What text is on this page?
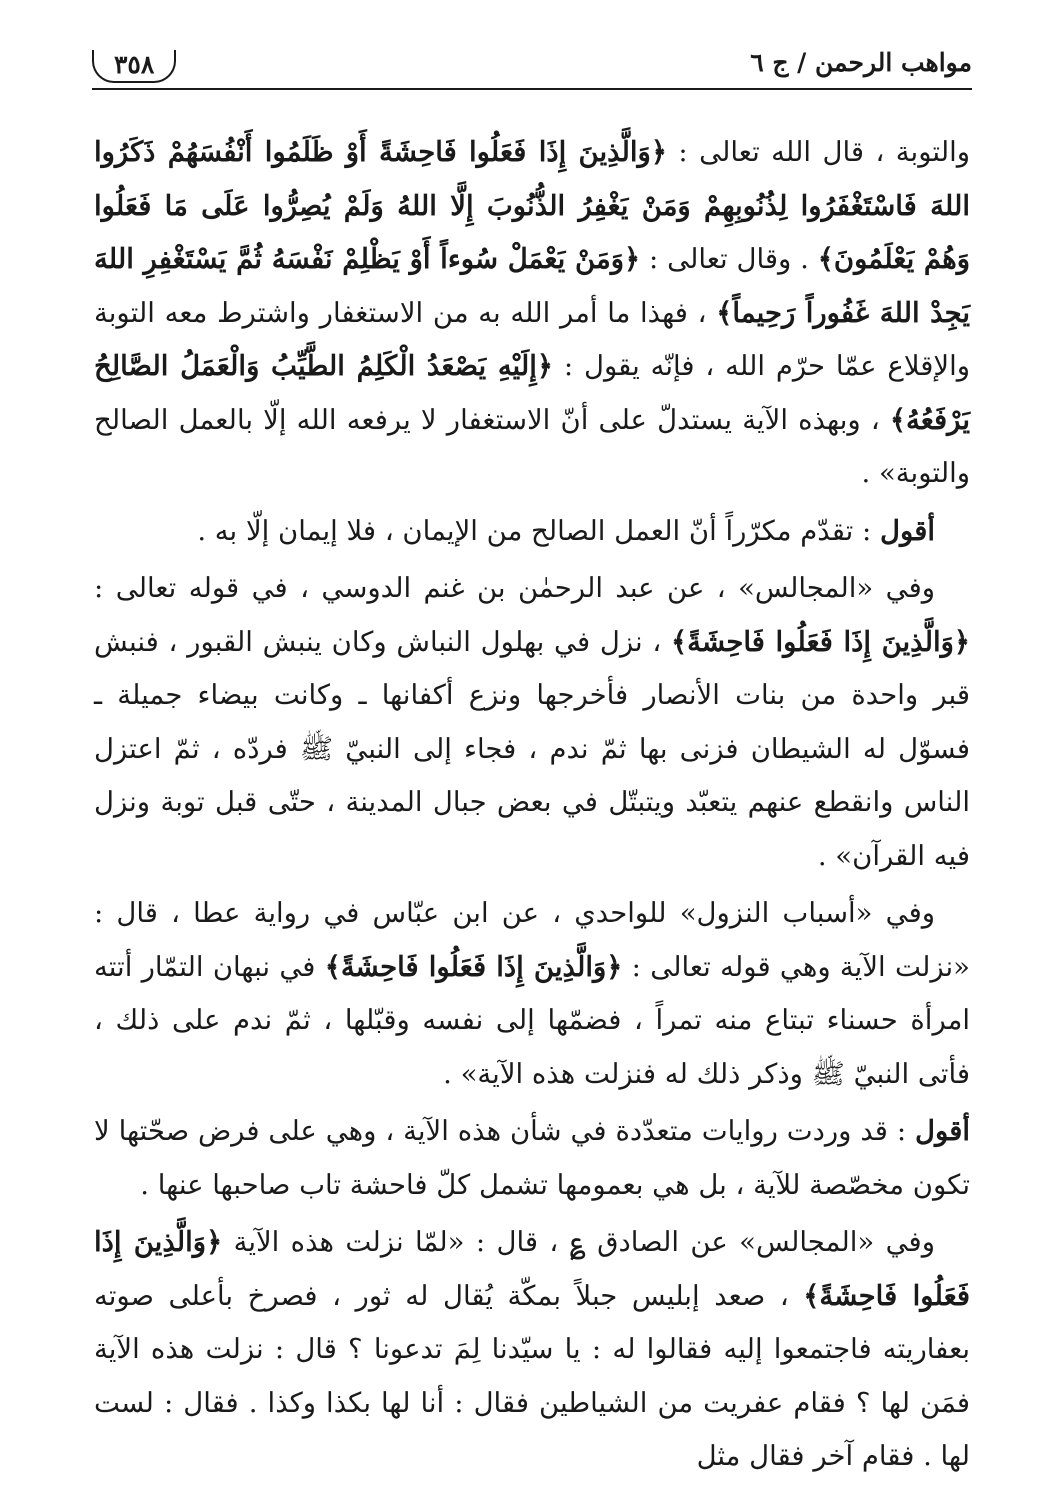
مواهب الرحمن / ج ٦
٣٥٨

والتوبة ، قال الله تعالى : ﴿وَالَّذِينَ إِذَا فَعَلُوا فَاحِشَةً أَوْ ظَلَمُوا أَنْفُسَهُمْ ذَكَرُوا اللهَ فَاسْتَغْفَرُوا لِذُنُوبِهِمْ وَمَنْ يَغْفِرُ الذُّنُوبَ إِلَّا اللهُ وَلَمْ يُصِرُّوا عَلَى مَا فَعَلُوا وَهُمْ يَعْلَمُونَ﴾ . وقال تعالى : ﴿وَمَنْ يَعْمَلْ سُوءاً أَوْ يَظْلِمْ نَفْسَهُ ثُمَّ يَسْتَغْفِرِ اللهَ يَجِدْ اللهَ غَفُوراً رَحِيماً﴾ ، فهذا ما أمر الله به من الاستغفار واشترط معه التوبة والإقلاع عمّا حرّم الله ، فإنّه يقول : ﴿إِلَيْهِ يَصْعَدُ الْكَلِمُ الطَّيِّبُ وَالْعَمَلُ الصَّالِحُ يَرْفَعُهُ﴾ ، وبهذه الآية يستدلّ على أنّ الاستغفار لا يرفعه الله إلّا بالعمل الصالح والتوبة» .

أقول : تقدّم مكرّراً أنّ العمل الصالح من الإيمان ، فلا إيمان إلّا به .

وفي «المجالس» ، عن عبد الرحمٰن بن غنم الدوسي ، في قوله تعالى : ﴿وَالَّذِينَ إِذَا فَعَلُوا فَاحِشَةً﴾ ، نزل في بهلول النباش وكان ينبش القبور ، فنبش قبر واحدة من بنات الأنصار فأخرجها ونزع أكفانها ـ وكانت بيضاء جميلة ـ فسوّل له الشيطان فزنى بها ثمّ ندم ، فجاء إلى النبيّ ﷺ فردّه ، ثمّ اعتزل الناس وانقطع عنهم يتعبّد ويتبتّل في بعض جبال المدينة ، حتّى قبل توبة ونزل فيه القرآن» .

وفي «أسباب النزول» للواحدي ، عن ابن عبّاس في رواية عطا ، قال : «نزلت الآية وهي قوله تعالى : ﴿وَالَّذِينَ إِذَا فَعَلُوا فَاحِشَةً﴾ في نبهان التمّار أتته امرأة حسناء تبتاع منه تمراً ، فضمّها إلى نفسه وقبّلها ، ثمّ ندم على ذلك ، فأتى النبيّ ﷺ وذكر ذلك له فنزلت هذه الآية» .

أقول : قد وردت روايات متعدّدة في شأن هذه الآية ، وهي على فرض صحّتها لا تكون مخصّصة للآية ، بل هي بعمومها تشمل كلّ فاحشة تاب صاحبها عنها .

وفي «المجالس» عن الصادق ؏ ، قال : «لمّا نزلت هذه الآية ﴿وَالَّذِينَ إِذَا فَعَلُوا فَاحِشَةً﴾ ، صعد إبليس جبلاً بمكّة يُقال له ثور ، فصرخ بأعلى صوته بعفاريته فاجتمعوا إليه فقالوا له : يا سيّدنا لِمَ تدعونا ؟ قال : نزلت هذه الآية فمَن لها ؟ فقام عفريت من الشياطين فقال : أنا لها بكذا وكذا . فقال : لست لها . فقام آخر فقال مثل
